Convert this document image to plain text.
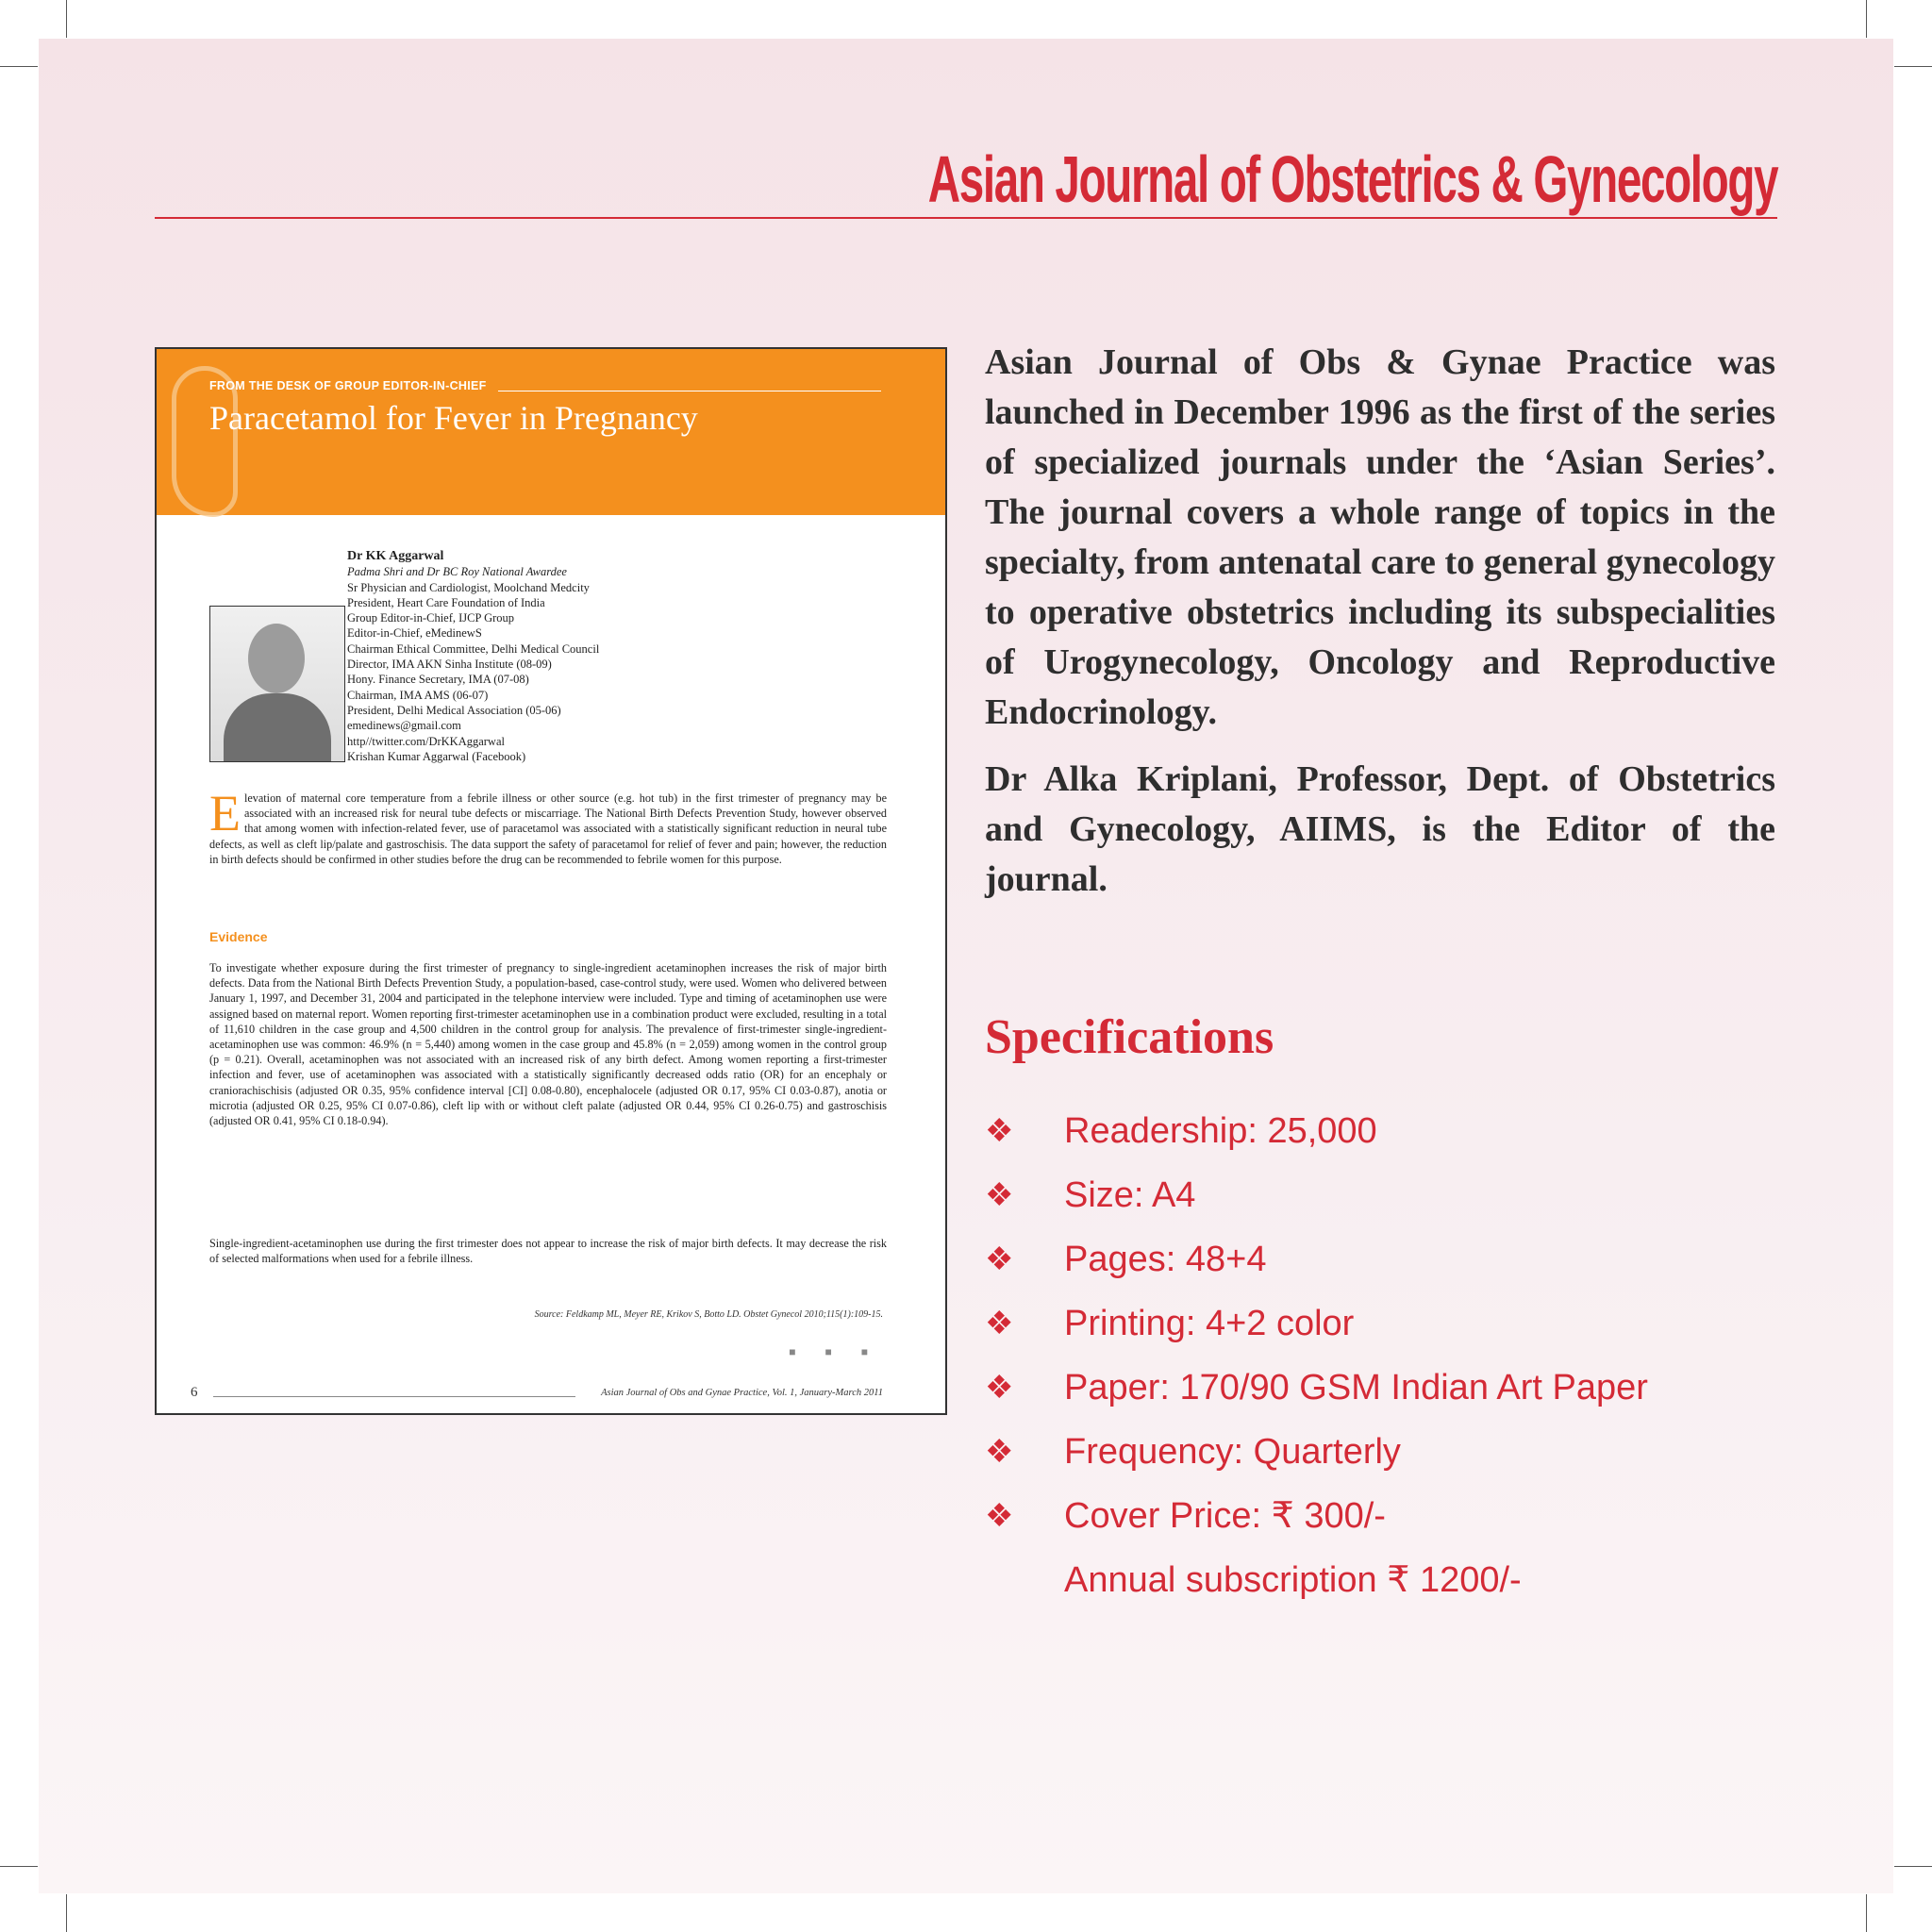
Asian Journal of Obstetrics & Gynecology
FROM THE DESK OF GROUP EDITOR-IN-CHIEF
Paracetamol for Fever in Pregnancy
Dr KK Aggarwal
Padma Shri and Dr BC Roy National Awardee
Sr Physician and Cardiologist, Moolchand Medcity
President, Heart Care Foundation of India
Group Editor-in-Chief, IJCP Group
Editor-in-Chief, eMedinewS
Chairman Ethical Committee, Delhi Medical Council
Director, IMA AKN Sinha Institute (08-09)
Hony. Finance Secretary, IMA (07-08)
Chairman, IMA AMS (06-07)
President, Delhi Medical Association (05-06)
emedinews@gmail.com
http//twitter.com/DrKKAggarwal
Krishan Kumar Aggarwal (Facebook)
Elevation of maternal core temperature from a febrile illness or other source (e.g. hot tub) in the first trimester of pregnancy may be associated with an increased risk for neural tube defects or miscarriage. The National Birth Defects Prevention Study, however observed that among women with infection-related fever, use of paracetamol was associated with a statistically significant reduction in neural tube defects, as well as cleft lip/palate and gastroschisis. The data support the safety of paracetamol for relief of fever and pain; however, the reduction in birth defects should be confirmed in other studies before the drug can be recommended to febrile women for this purpose.
Evidence
To investigate whether exposure during the first trimester of pregnancy to single-ingredient acetaminophen increases the risk of major birth defects. Data from the National Birth Defects Prevention Study, a population-based, case-control study, were used. Women who delivered between January 1, 1997, and December 31, 2004 and participated in the telephone interview were included. Type and timing of acetaminophen use were assigned based on maternal report. Women reporting first-trimester acetaminophen use in a combination product were excluded, resulting in a total of 11,610 children in the case group and 4,500 children in the control group for analysis. The prevalence of first-trimester single-ingredient-acetaminophen use was common: 46.9% (n = 5,440) among women in the case group and 45.8% (n = 2,059) among women in the control group (p = 0.21). Overall, acetaminophen was not associated with an increased risk of any birth defect. Among women reporting a first-trimester infection and fever, use of acetaminophen was associated with a statistically significantly decreased odds ratio (OR) for an encephaly or craniorachischisis (adjusted OR 0.35, 95% confidence interval [CI] 0.08-0.80), encephalocele (adjusted OR 0.17, 95% CI 0.03-0.87), anotia or microtia (adjusted OR 0.25, 95% CI 0.07-0.86), cleft lip with or without cleft palate (adjusted OR 0.44, 95% CI 0.26-0.75) and gastroschisis (adjusted OR 0.41, 95% CI 0.18-0.94).
Single-ingredient-acetaminophen use during the first trimester does not appear to increase the risk of major birth defects. It may decrease the risk of selected malformations when used for a febrile illness.
Source: Feldkamp ML, Meyer RE, Krikov S, Botto LD. Obstet Gynecol 2010;115(1):109-15.
■ ■ ■
6	Asian Journal of Obs and Gynae Practice, Vol. 1, January-March 2011

Asian Journal of Obs & Gynae Practice was launched in December 1996 as the first of the series of specialized journals under the ‘Asian Series’. The journal covers a whole range of topics in the specialty, from antenatal care to general gynecology to operative obstetrics including its subspecialities of Urogynecology, Oncology and Reproductive Endocrinology.

Dr Alka Kriplani, Professor, Dept. of Obstetrics and Gynecology, AIIMS, is the Editor of the journal.

Specifications
❖ Readership: 25,000
❖ Size: A4
❖ Pages: 48+4
❖ Printing: 4+2 color
❖ Paper: 170/90 GSM Indian Art Paper
❖ Frequency: Quarterly
❖ Cover Price: ₹ 300/-
Annual subscription ₹ 1200/-
